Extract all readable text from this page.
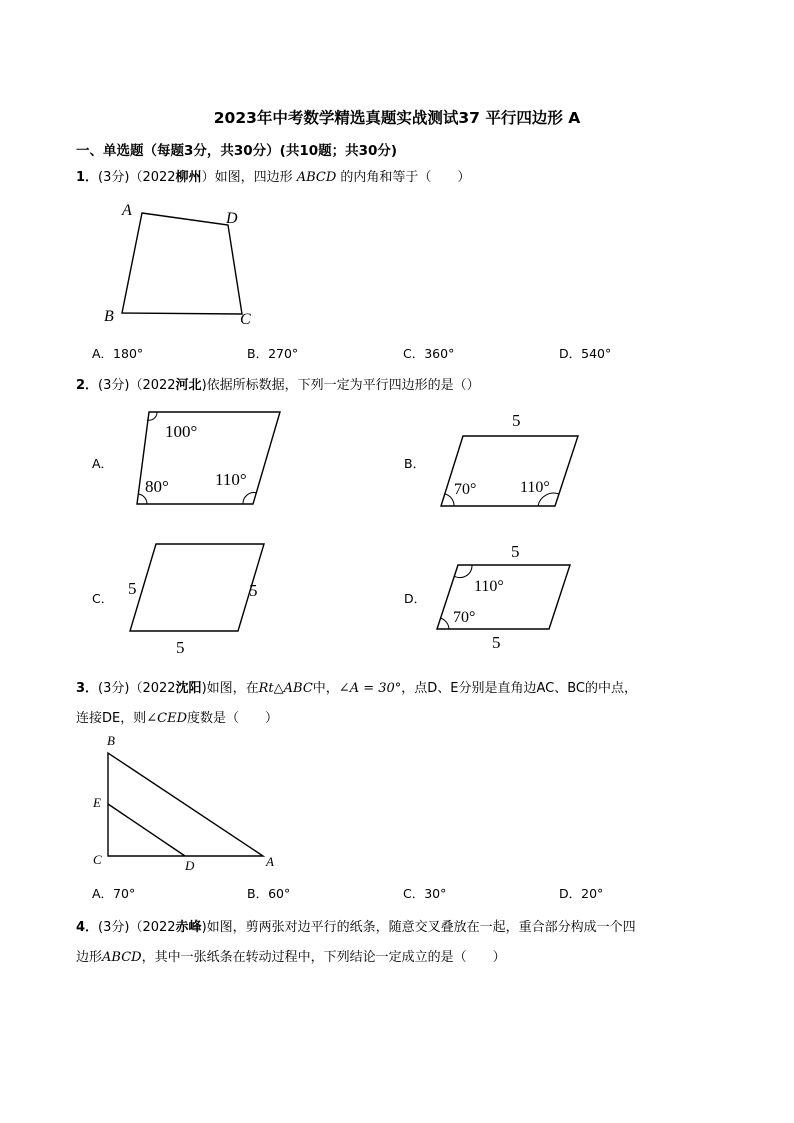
2023年中考数学精选真题实战测试37 平行四边形 A
一、单选题（每题3分，共30分）(共10题；共30分)
1．(3分)（2022柳州）如图，四边形 ABCD 的内角和等于（　　）
A	D
B	C
A．180°	B．270°	C．360°	D．540°
2．(3分)（2022河北)依据所标数据，下列一定为平行四边形的是（）
A．
100°
80°	110°
B．
5
70°	110°
C．
5	5
5
D．
5
110°
70°
5
3．(3分)（2022沈阳)如图，在Rt△ABC中，∠A = 30°，点D、E分别是直角边AC、BC的中点，
连接DE，则∠CED度数是（　　）
B
E
C	D	A
A．70°	B．60°	C．30°	D．20°
4．(3分)（2022赤峰)如图，剪两张对边平行的纸条，随意交叉叠放在一起，重合部分构成一个四
边形ABCD，其中一张纸条在转动过程中，下列结论一定成立的是（　　）
